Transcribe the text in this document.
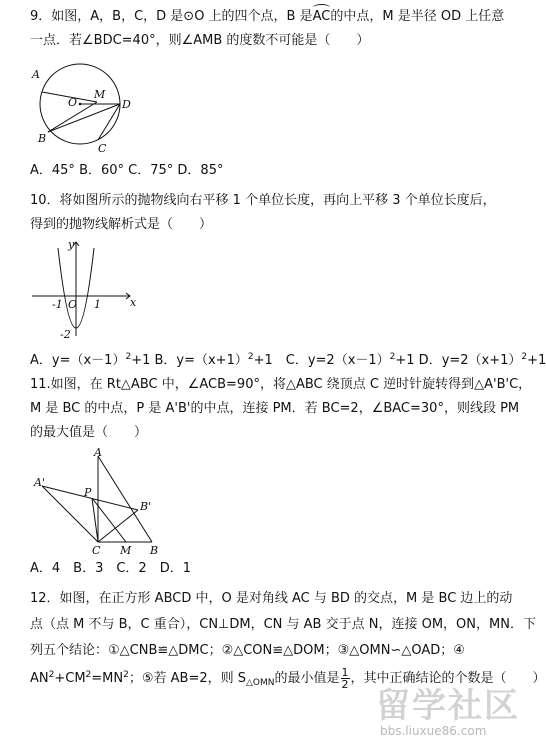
9．如图，A，B，C，D 是⊙O 上的四个点，B 是AC的中点，M 是半径 OD 上任意
一点．若∠BDC=40°，则∠AMB 的度数不可能是（　　）
A
O
M
D
B
C
A．45° B．60° C．75° D．85°
10．将如图所示的抛物线向右平移 1 个单位长度，再向上平移 3 个单位长度后，
得到的抛物线解析式是（　　）
y
x
-1 O 1
-2
A．$y=(x-1)^2+1$ B．$y=(x+1)^2+1$　C．$y=2(x-1)^2+1$ D．$y=2(x+1)^2+1$
11.如图，在 Rt△ABC 中，∠ACB=90°，将△ABC 绕顶点 C 逆时针旋转得到△A'B'C，
M 是 BC 的中点，P 是 A'B'的中点，连接 PM．若 BC=2，∠BAC=30°，则线段 PM
的最大值是（　　）
A
A'
P
B'
C M B
A．4　B．3　C．2　D．1
12．如图，在正方形 ABCD 中，O 是对角线 AC 与 BD 的交点，M 是 BC 边上的动
点（点 M 不与 B，C 重合），CN⊥DM，CN 与 AB 交于点 N，连接 OM，ON，MN．下
列五个结论：①△CNB≌△DMC；②△CON≌△DOM；③△OMN∽△OAD；④
$AN^2+CM^2=MN^2$；⑤若 AB=2，则 $S_{\triangle OMN}$的最小值是 $\frac{1}{2}$ ，其中正确结论的个数是（　　）
留学社区
bbs.liuxue86.com
